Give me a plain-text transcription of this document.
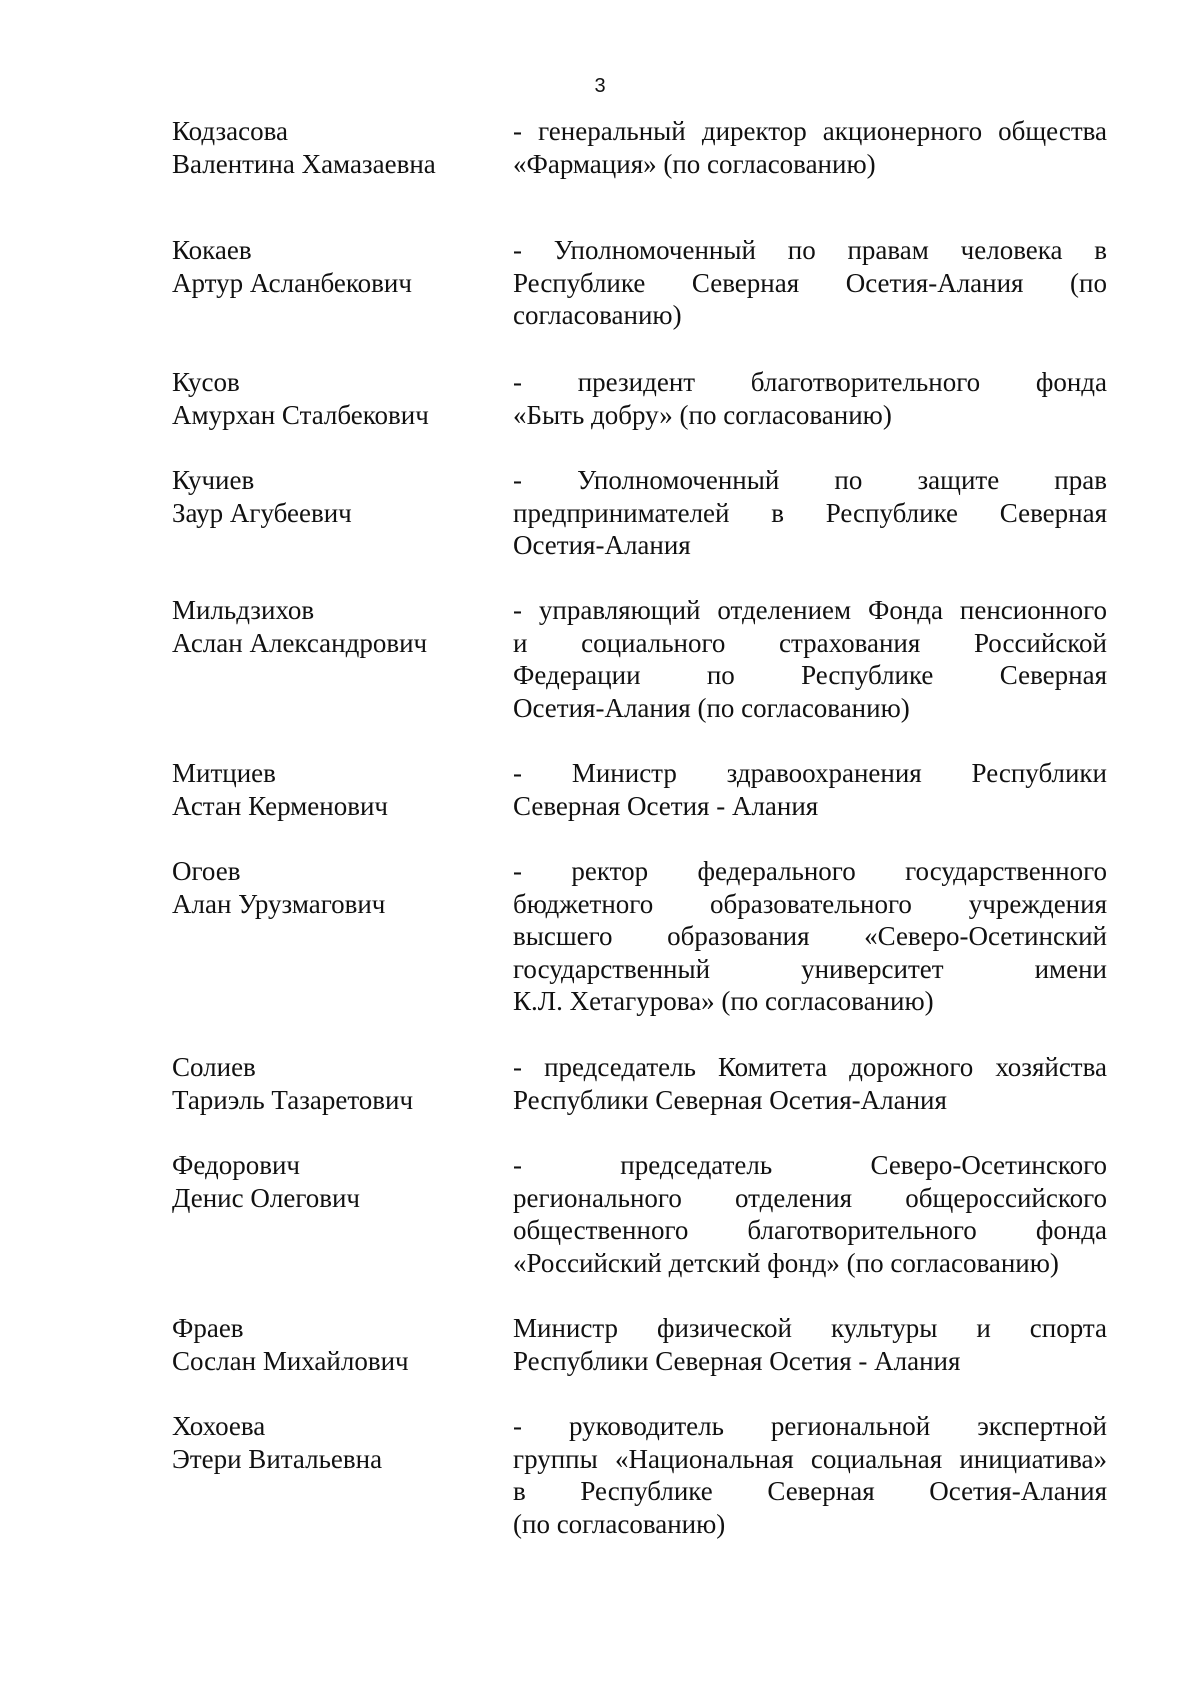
3
Кодзасова
Валентина Хамазаевна
- генеральный директор акционерного общества
«Фармация» (по согласованию)
Кокаев
Артур Асланбекович
- Уполномоченный по правам человека в
Республике Северная Осетия-Алания (по
согласованию)
Кусов
Амурхан Сталбекович
- президент благотворительного фонда
«Быть добру» (по согласованию)
Кучиев
Заур Агубеевич
- Уполномоченный по защите прав
предпринимателей в Республике Северная
Осетия-Алания
Мильдзихов
Аслан Александрович
- управляющий отделением Фонда пенсионного
и социального страхования Российской
Федерации по Республике Северная
Осетия-Алания (по согласованию)
Митциев
Астан Керменович
- Министр здравоохранения Республики
Северная Осетия - Алания
Огоев
Алан Урузмагович
- ректор федерального государственного
бюджетного образовательного учреждения
высшего образования «Северо-Осетинский
государственный университет имени
К.Л. Хетагурова» (по согласованию)
Солиев
Тариэль Тазаретович
- председатель Комитета дорожного хозяйства
Республики Северная Осетия-Алания
Федорович
Денис Олегович
- председатель Северо-Осетинского
регионального отделения общероссийского
общественного благотворительного фонда
«Российский детский фонд» (по согласованию)
Фраев
Сослан Михайлович
Министр физической культуры и спорта
Республики Северная Осетия - Алания
Хохоева
Этери Витальевна
- руководитель региональной экспертной
группы «Национальная социальная инициатива»
в Республике Северная Осетия-Алания
(по согласованию)
